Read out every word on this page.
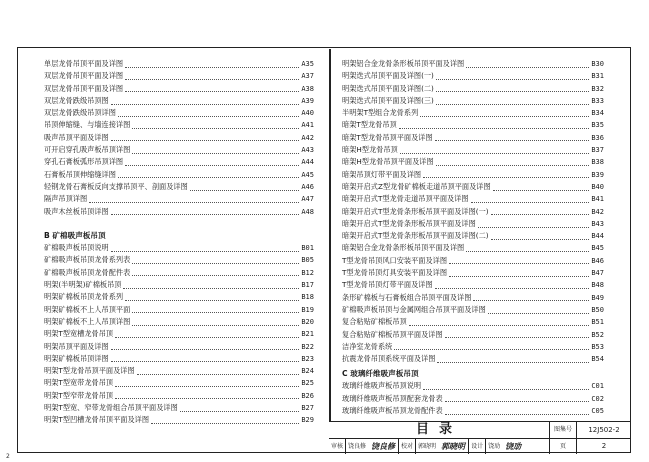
单层龙骨吊顶平面及详图	A35
双层龙骨吊顶平面及详图	A37
双层龙骨吊顶平面及详图	A38
双层龙骨跌级吊顶图	A39
双层龙骨跌级吊顶详图	A40
吊顶伸缩缝、与墙连接详图	A41
吸声吊顶平面及详图	A42
可开启穿孔吸声板吊顶详图	A43
穿孔石膏板弧形吊顶详图	A44
石膏板吊顶伸缩缝详图	A45
轻钢龙骨石膏板反向支撑吊顶平、剖面及详图	A46
隔声吊顶详图	A47
吸声木丝板吊顶详图	A48
B 矿棉吸声板吊顶
矿棉吸声板吊顶说明	B01
矿棉吸声板吊顶龙骨系列表	B05
矿棉吸声板吊顶龙骨配件表	B12
明架(半明架)矿棉板吊顶	B17
明架矿棉板吊顶龙骨系列	B18
明架矿棉板不上人吊顶平面	B19
明架矿棉板不上人吊顶详图	B20
明架T型宽槽龙骨吊顶	B21
明架吊顶平面及详图	B22
明架矿棉板吊顶详图	B23
明架T型龙骨吊顶平面及详图	B24
明架T型宽带龙骨吊顶	B25
明架T型窄带龙骨吊顶	B26
明架T型宽、窄带龙骨组合吊顶平面及详图	B27
明架T型凹槽龙骨吊顶平面及详图	B29
明架铝合金龙骨条形板吊顶平面及详图	B30
明架迭式吊顶平面及详图(一)	B31
明架迭式吊顶平面及详图(二)	B32
明架迭式吊顶平面及详图(三)	B33
半明架T型组合龙骨系列	B34
暗架T型龙骨吊顶	B35
暗架T型龙骨吊顶平面及详图	B36
暗架H型龙骨吊顶	B37
暗架H型龙骨吊顶平面及详图	B38
暗架吊顶灯带平面及详图	B39
暗架开启式Z型龙骨矿棉板走道吊顶平面及详图	B40
暗架开启式T型龙骨走道吊顶平面及详图	B41
暗架开启式T型龙骨条形板吊顶平面及详图(一)	B42
暗架开启式T型龙骨条形板吊顶平面及详图	B43
暗架开启式T型龙骨条形板吊顶平面及详图(二)	B44
暗架铝合金龙骨条形板吊顶平面及详图	B45
T型龙骨吊顶风口安装平面及详图	B46
T型龙骨吊顶灯具安装平面及详图	B47
T型龙骨吊顶灯带平面及详图	B48
条形矿棉板与石膏板组合吊顶平面及详图	B49
矿棉吸声板吊顶与金属网组合吊顶平面及详图	B50
复合粘贴矿棉板吊顶	B51
复合粘贴矿棉板吊顶平面及详图	B52
洁净室龙骨系统	B53
抗震龙骨吊顶系统平面及详图	B54
C 玻璃纤维吸声板吊顶
玻璃纤维吸声板吊顶说明	C01
玻璃纤维吸声板吊顶配套龙骨表	C02
玻璃纤维吸声板吊顶龙骨配件表	C05
目录	图集号	12J502-2
页	2
审核 饶良修 饶良修	校对 郭晓明 郭晓明	设计 饶劢 饶劢
2
